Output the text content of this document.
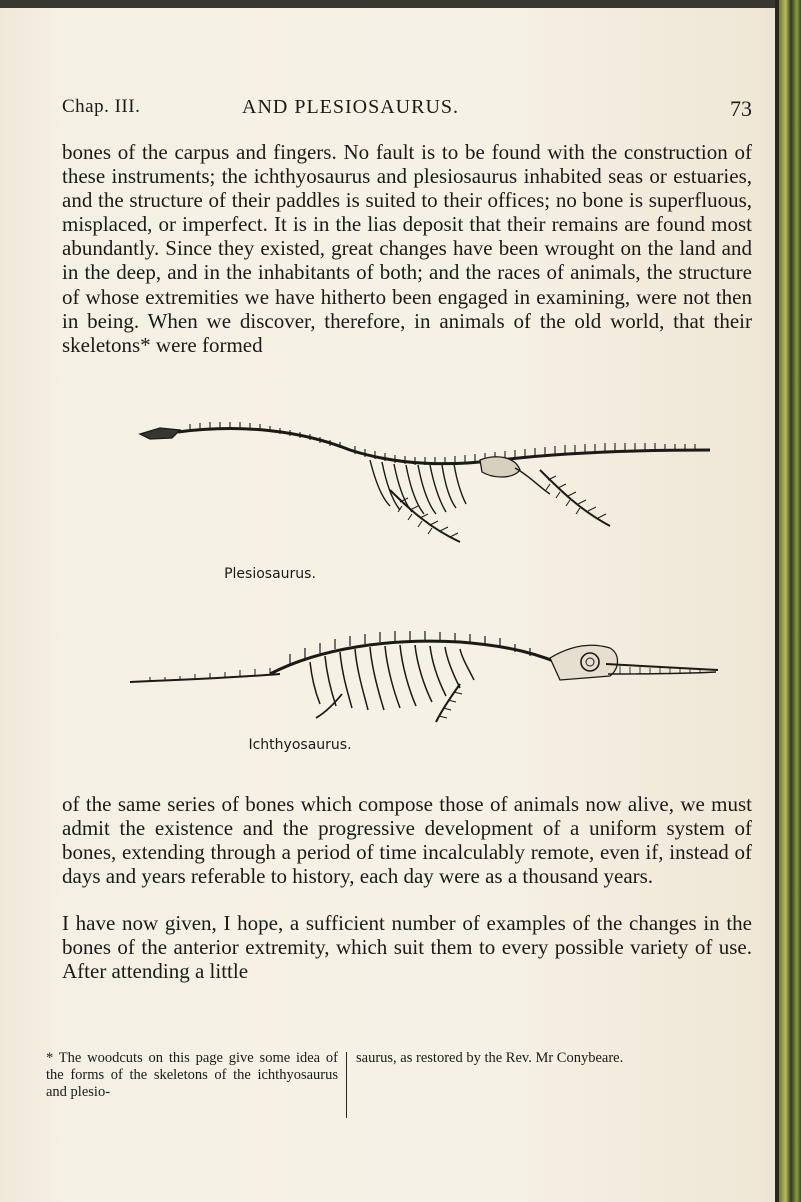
Chap. III.	AND PLESIOSAURUS.	73
bones of the carpus and fingers. No fault is to be found with the construction of these instruments; the ichthyosaurus and plesiosaurus inhabited seas or estuaries, and the structure of their paddles is suited to their offices; no bone is superfluous, misplaced, or imperfect. It is in the lias deposit that their remains are found most abundantly. Since they existed, great changes have been wrought on the land and in the deep, and in the inhabitants of both; and the races of animals, the structure of whose extremities we have hitherto been engaged in examining, were not then in being. When we discover, therefore, in animals of the old world, that their skeletons* were formed
Plesiosaurus.
Ichthyosaurus.
of the same series of bones which compose those of animals now alive, we must admit the existence and the progressive development of a uniform system of bones, extending through a period of time incalculably remote, even if, instead of days and years referable to history, each day were as a thousand years.
I have now given, I hope, a sufficient number of examples of the changes in the bones of the anterior extremity, which suit them to every possible variety of use. After attending a little
* The woodcuts on this page give some idea of the forms of the skeletons of the ichthyosaurus and plesio-
saurus, as restored by the Rev. Mr Conybeare.
